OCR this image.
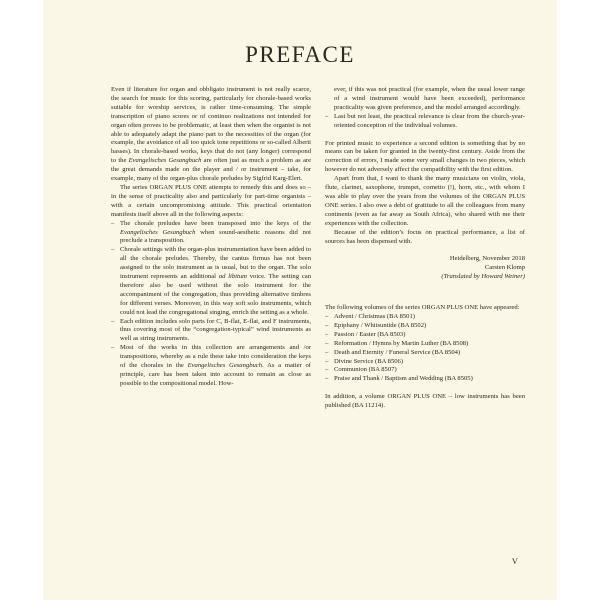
PREFACE

Even if literature for organ and obbligato instrument is not really scarce, the search for music for this scoring, particularly for chorale-based works suitable for worship services, is rather time-consuming. The simple transcription of piano scores or of continuo realizations not intended for organ often proves to be problematic, at least then when the organist is not able to adequately adapt the piano part to the necessities of the organ (for example, the avoidance of all too quick tone repetitions or so-called Alberti basses). In chorale-based works, keys that do not (any longer) correspond to the Evangelisches Gesangbuch are often just as much a problem as are the great demands made on the player and / or instrument – take, for example, many of the organ-plus chorale preludes by Sigfrid Karg-Elert.

The series ORGAN PLUS ONE attempts to remedy this and does so – in the sense of practicality also and particularly for part-time organists – with a certain uncompromising attitude. This practical orientation manifests itself above all in the following aspects:

– The chorale preludes have been transposed into the keys of the Evangelisches Gesangbuch when sound-aesthetic reasons did not preclude a transposition.
– Chorale settings with the organ-plus instrumentation have been added to all the chorale preludes. Thereby, the cantus firmus has not been assigned to the solo instrument as is usual, but to the organ. The solo instrument represents an additional ad libitum voice. The setting can therefore also be used without the solo instrument for the accompaniment of the congregation, thus providing alternative timbres for different verses. Moreover, in this way soft solo instruments, which could not lead the congregational singing, enrich the setting as a whole.
– Each edition includes solo parts for C, B-flat, E-flat, and F instruments, thus covering most of the “congregation-typical” wind instruments as well as string instruments.
– Most of the works in this collection are arrangements and /or transpositions, whereby as a rule these take into consideration the keys of the chorales in the Evangelisches Gesangbuch. As a matter of principle, care has been taken into account to remain as close as possible to the compositional model. How-

ever, if this was not practical (for example, when the usual lower range of a wind instrument would have been exceeded), performance practicality was given preference, and the model arranged accordingly.

– Last but not least, the practical relevance is clear from the church-year-oriented conception of the individual volumes.

For printed music to experience a second edition is something that by no means can be taken for granted in the twenty-first century. Aside from the correction of errors, I made some very small changes in two pieces, which however do not adversely affect the compatibility with the first edition.

Apart from that, I want to thank the many musicians on violin, viola, flute, clarinet, saxophone, trumpet, cornetto (!), horn, etc., with whom I was able to play over the years from the volumes of the ORGAN PLUS ONE series. I also owe a debt of gratitude to all the colleagues from many continents (even as far away as South Africa), who shared with me their experiences with the collection.

Because of the edition’s focus on practical performance, a list of sources has been dispensed with.

Heidelberg, November 2018
Carsten Klomp
(Translated by Howard Weiner)

The following volumes of the series ORGAN PLUS ONE have appeared:

– Advent / Christmas (BA 8501)
– Epiphany / Whitsuntide (BA 8502)
– Passion / Easter (BA 8503)
– Reformation / Hymns by Martin Luther (BA 8508)
– Death and Eternity / Funeral Service (BA 8504)
– Divine Service (BA 8506)
– Communion (BA 8507)
– Praise and Thank / Baptism and Wedding (BA 8505)

In addition, a volume ORGAN PLUS ONE – low instruments has been published (BA 11214).

V
